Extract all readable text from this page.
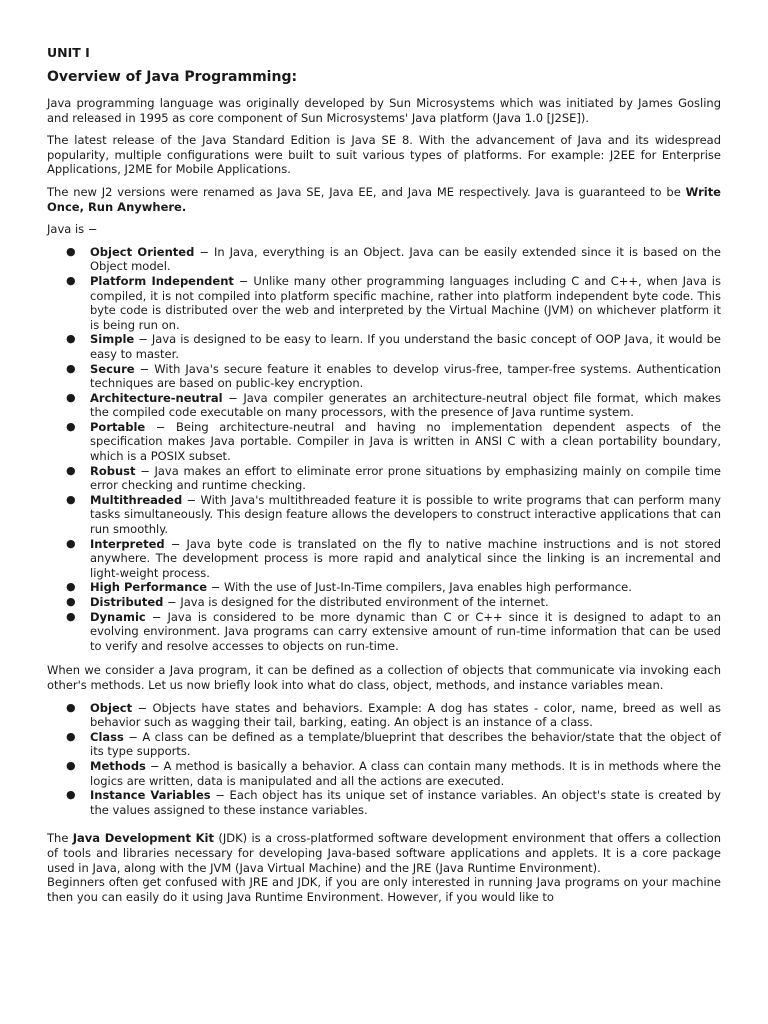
UNIT I
Overview of Java Programming:

Java programming language was originally developed by Sun Microsystems which was initiated by James Gosling and released in 1995 as core component of Sun Microsystems' Java platform (Java 1.0 [J2SE]).

The latest release of the Java Standard Edition is Java SE 8. With the advancement of Java and its widespread popularity, multiple configurations were built to suit various types of platforms. For example: J2EE for Enterprise Applications, J2ME for Mobile Applications.

The new J2 versions were renamed as Java SE, Java EE, and Java ME respectively. Java is guaranteed to be Write Once, Run Anywhere.

Java is −

● Object Oriented − In Java, everything is an Object. Java can be easily extended since it is based on the Object model.
● Platform Independent − Unlike many other programming languages including C and C++, when Java is compiled, it is not compiled into platform specific machine, rather into platform independent byte code. This byte code is distributed over the web and interpreted by the Virtual Machine (JVM) on whichever platform it is being run on.
● Simple − Java is designed to be easy to learn. If you understand the basic concept of OOP Java, it would be easy to master.
● Secure − With Java's secure feature it enables to develop virus-free, tamper-free systems. Authentication techniques are based on public-key encryption.
● Architecture-neutral − Java compiler generates an architecture-neutral object file format, which makes the compiled code executable on many processors, with the presence of Java runtime system.
● Portable − Being architecture-neutral and having no implementation dependent aspects of the specification makes Java portable. Compiler in Java is written in ANSI C with a clean portability boundary, which is a POSIX subset.
● Robust − Java makes an effort to eliminate error prone situations by emphasizing mainly on compile time error checking and runtime checking.
● Multithreaded − With Java's multithreaded feature it is possible to write programs that can perform many tasks simultaneously. This design feature allows the developers to construct interactive applications that can run smoothly.
● Interpreted − Java byte code is translated on the fly to native machine instructions and is not stored anywhere. The development process is more rapid and analytical since the linking is an incremental and light-weight process.
● High Performance − With the use of Just-In-Time compilers, Java enables high performance.
● Distributed − Java is designed for the distributed environment of the internet.
● Dynamic − Java is considered to be more dynamic than C or C++ since it is designed to adapt to an evolving environment. Java programs can carry extensive amount of run-time information that can be used to verify and resolve accesses to objects on run-time.

When we consider a Java program, it can be defined as a collection of objects that communicate via invoking each other's methods. Let us now briefly look into what do class, object, methods, and instance variables mean.

● Object − Objects have states and behaviors. Example: A dog has states - color, name, breed as well as behavior such as wagging their tail, barking, eating. An object is an instance of a class.
● Class − A class can be defined as a template/blueprint that describes the behavior/state that the object of its type supports.
● Methods − A method is basically a behavior. A class can contain many methods. It is in methods where the logics are written, data is manipulated and all the actions are executed.
● Instance Variables − Each object has its unique set of instance variables. An object's state is created by the values assigned to these instance variables.

The Java Development Kit (JDK) is a cross-platformed software development environment that offers a collection of tools and libraries necessary for developing Java-based software applications and applets. It is a core package used in Java, along with the JVM (Java Virtual Machine) and the JRE (Java Runtime Environment).

Beginners often get confused with JRE and JDK, if you are only interested in running Java programs on your machine then you can easily do it using Java Runtime Environment. However, if you would like to
